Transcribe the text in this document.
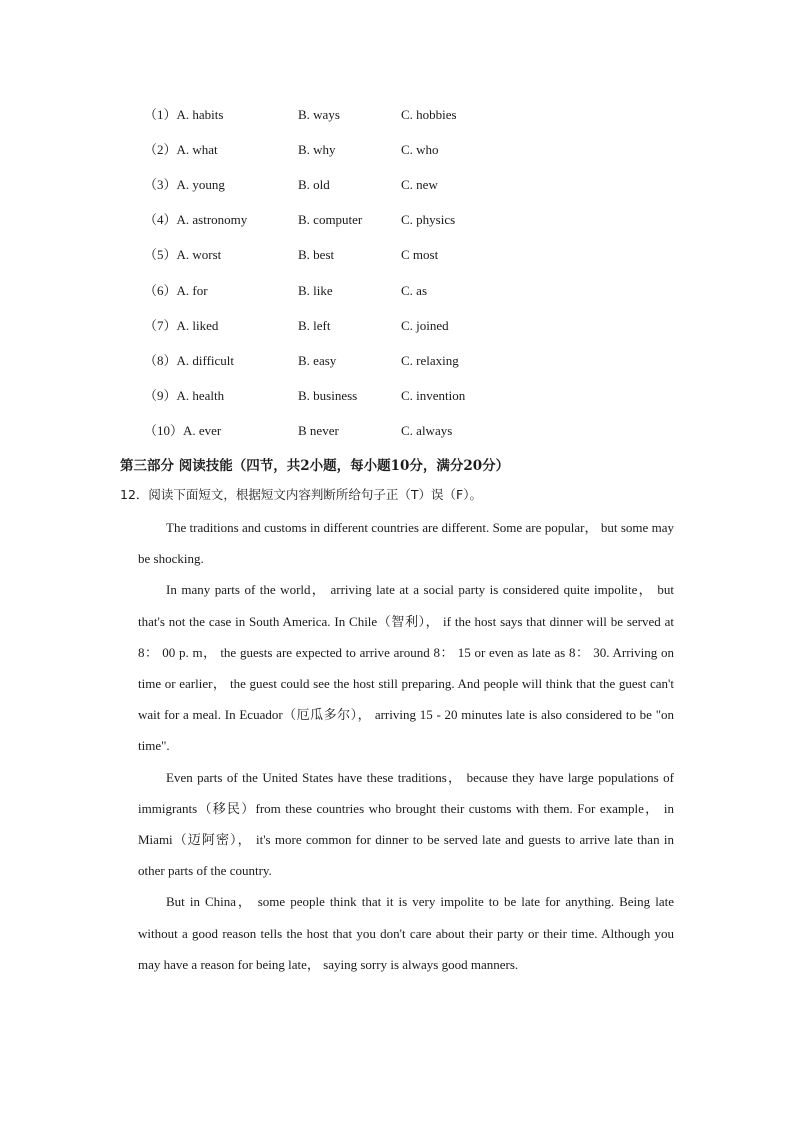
（1）A. habits	B. ways	C. hobbies
（2）A. what	B. why	C. who
（3）A. young	B. old	C. new
（4）A. astronomy	B. computer	C. physics
（5）A. worst	B. best	C most
（6）A. for	B. like	C. as
（7）A. liked	B. left	C. joined
（8）A. difficult	B. easy	C. relaxing
（9）A. health	B. business	C. invention
（10）A. ever	B never	C. always
第三部分 阅读技能（四节，共2小题，每小题10分，满分20分）
12．阅读下面短文，根据短文内容判断所给句子正（T）误（F）。

The traditions and customs in different countries are different. Some are popular， but some may be shocking.

In many parts of the world， arriving late at a social party is considered quite impolite， but that's not the case in South America. In Chile（智利）， if the host says that dinner will be served at 8： 00 p. m， the guests are expected to arrive around 8： 15 or even as late as 8： 30. Arriving on time or earlier， the guest could see the host still preparing. And people will think that the guest can't wait for a meal. In Ecuador（厄瓜多尔）， arriving 15 - 20 minutes late is also considered to be "on time".

Even parts of the United States have these traditions， because they have large populations of immigrants（移民）from these countries who brought their customs with them. For example， in Miami（迈阿密）， it's more common for dinner to be served late and guests to arrive late than in other parts of the country.

But in China， some people think that it is very impolite to be late for anything. Being late without a good reason tells the host that you don't care about their party or their time. Although you may have a reason for being late， saying sorry is always good manners.
